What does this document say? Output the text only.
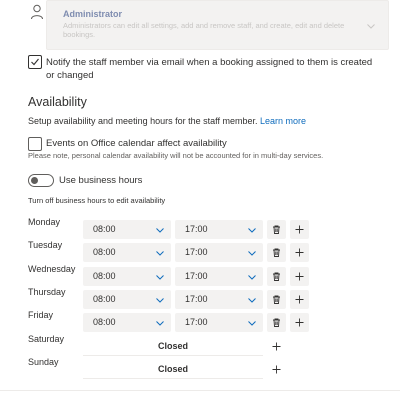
Administrator
Administrators can edit all settings, add and remove staff, and create, edit and delete bookings.
Notify the staff member via email when a booking assigned to them is created or changed
Availability
Setup availability and meeting hours for the staff member. Learn more
Events on Office calendar affect availability
Please note, personal calendar availability will not be accounted for in multi-day services.
Use business hours
Turn off business hours to edit availability
Monday
08:00	17:00
Tuesday
08:00	17:00
Wednesday
08:00	17:00
Thursday
08:00	17:00
Friday
08:00	17:00
Saturday
Closed
Sunday
Closed
